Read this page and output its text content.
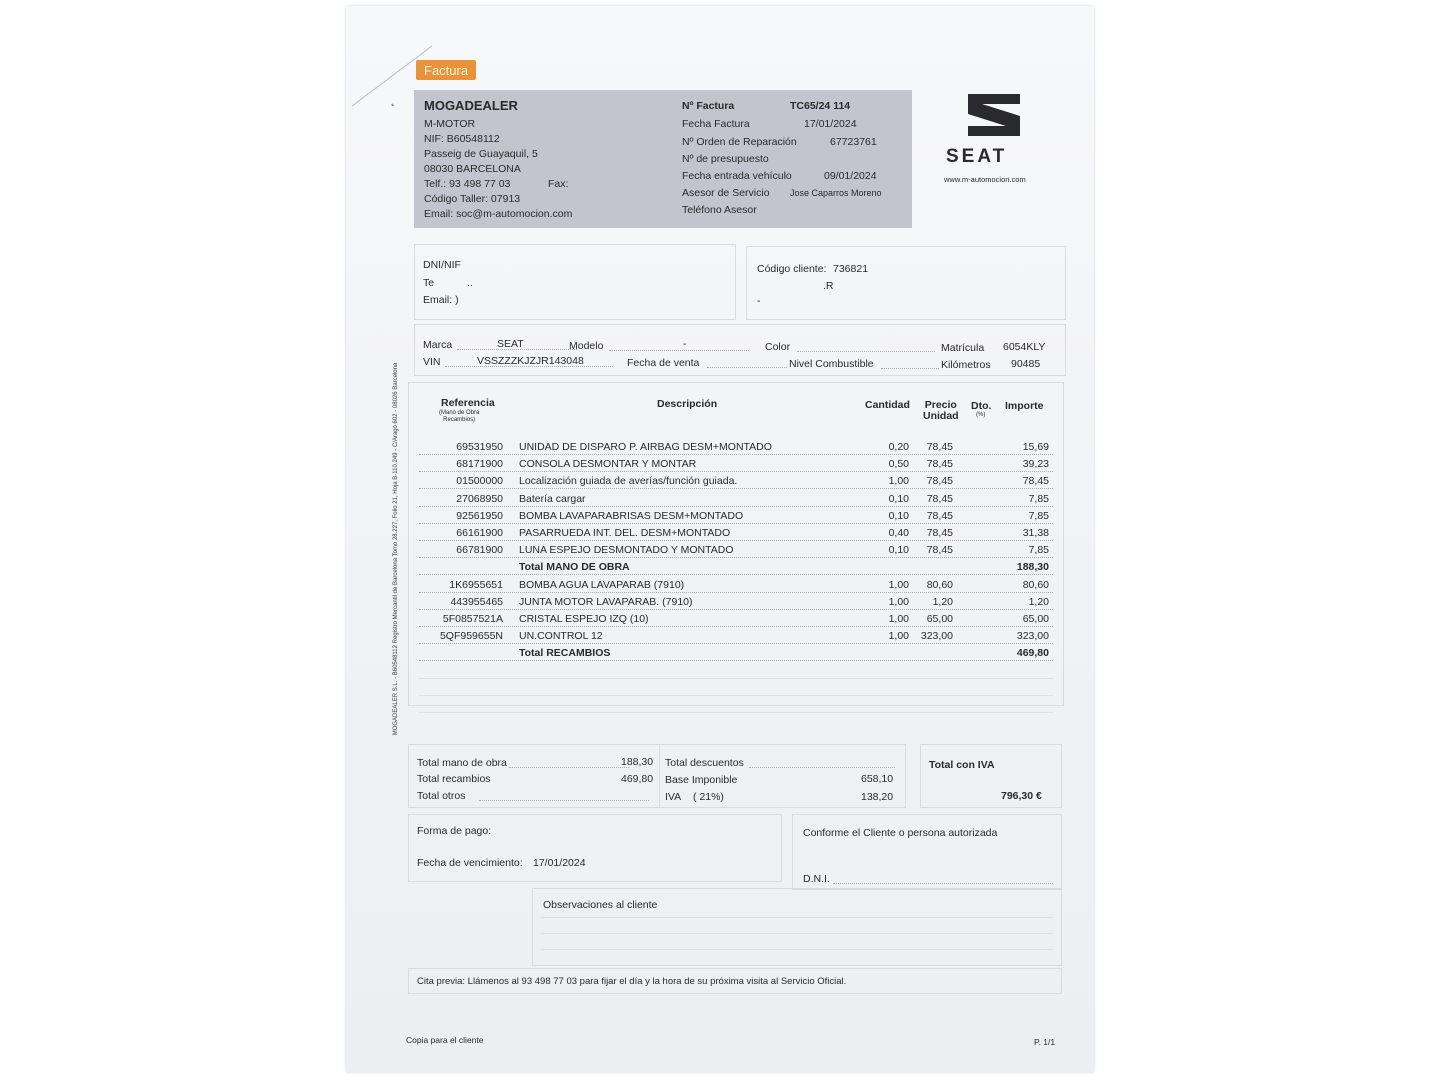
Factura
MOGADEALER
M-MOTOR
NIF: B60548112
Passeig de Guayaquil, 5
08030 BARCELONA
Telf.: 93 498 77 03	Fax:
Código Taller: 07913
Email: soc@m-automocion.com
Nº Factura	TC65/24 114
Fecha Factura	17/01/2024
Nº Orden de Reparación	67723761
Nº de presupuesto
Fecha entrada vehículo	09/01/2024
Asesor de Servicio Jose Caparros Moreno
Teléfono Asesor
SEAT
www.m-automocion.com
DNI/NIF
Te	..
Email: )
Código cliente: 736821
.R
-
Marca	SEAT	Modelo	-	Color	Matrícula 6054KLY
VIN	VSSZZZKJZJR143048	Fecha de venta	Nivel Combustible	Kilómetros 90485
Referencia
(Mano de Obra
Recambios)
Descripción	Cantidad Precio
Unidad
Dto.
(%)
Importe
69531950 UNIDAD DE DISPARO P. AIRBAG DESM+MONTADO	0,20	78,45	15,69
68171900 CONSOLA DESMONTAR Y MONTAR	0,50	78,45	39,23
01500000 Localización guiada de averías/función guiada.	1,00	78,45	78,45
27068950 Batería cargar	0,10	78,45	7,85
92561950 BOMBA LAVAPARABRISAS DESM+MONTADO	0,10	78,45	7,85
66161900 PASARRUEDA INT. DEL. DESM+MONTADO	0,40	78,45	31,38
66781900 LUNA ESPEJO DESMONTADO Y MONTADO	0,10	78,45	7,85
Total MANO DE OBRA	188,30
1K6955651 BOMBA AGUA LAVAPARAB (7910)	1,00	80,60	80,60
443955465 JUNTA MOTOR LAVAPARAB. (7910)	1,00	1,20	1,20
5F0857521A CRISTAL ESPEJO IZQ (10)	1,00	65,00	65,00
5QF959655N UN.CONTROL 12	1,00	323,00	323,00
Total RECAMBIOS	469,80
Total mano de obra	188,30
Total recambios	469,80
Total otros
Total descuentos
Base Imponible	658,10
IVA ( 21%)	138,20
Total con IVA
796,30 €
Forma de pago:
Fecha de vencimiento: 17/01/2024
Conforme el Cliente o persona autorizada
D.N.I.
Observaciones al cliente
Cita previa: Llámenos al 93 498 77 03 para fijar el día y la hora de su próxima visita al Servicio Oficial.
Copia para el cliente	P. 1/1
MOGADEALER S.L. - B60548112 Registro Mercantil de Barcelona Tomo 28.227, Folio 21, Hoja B-110.249 - C/Aragó 602 - 08026 Barcelona
